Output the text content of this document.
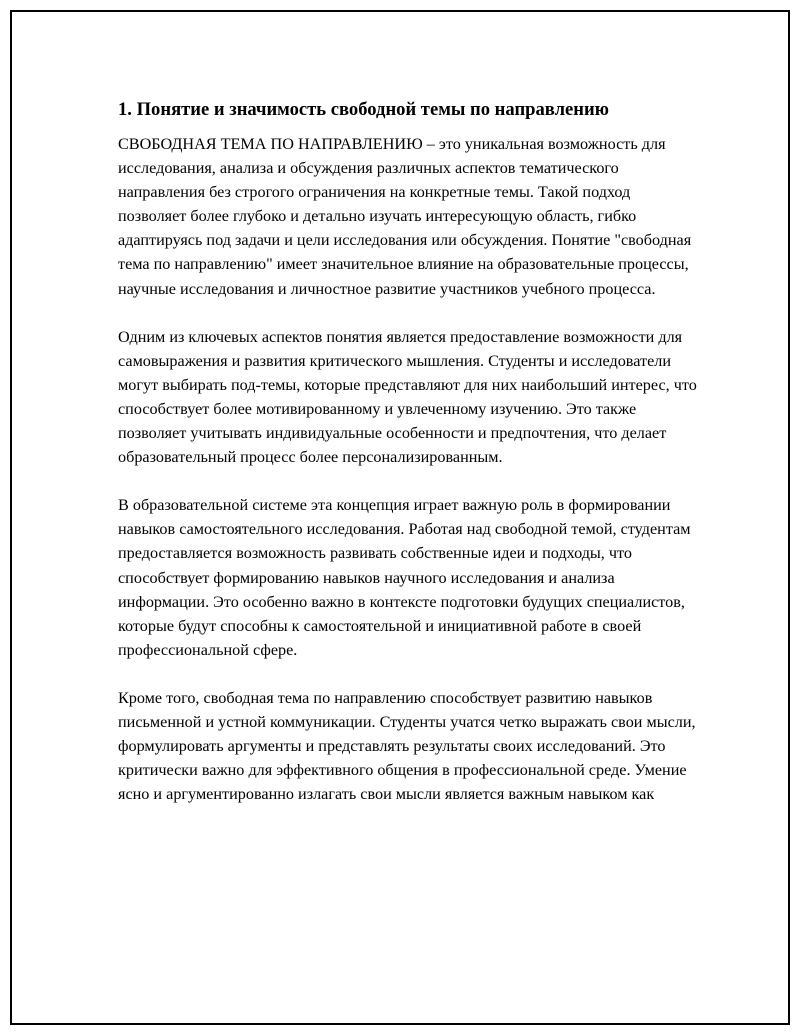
1. Понятие и значимость свободной темы по направлению

СВОБОДНАЯ ТЕМА ПО НАПРАВЛЕНИЮ – это уникальная возможность для исследования, анализа и обсуждения различных аспектов тематического направления без строгого ограничения на конкретные темы. Такой подход позволяет более глубоко и детально изучать интересующую область, гибко адаптируясь под задачи и цели исследования или обсуждения. Понятие "свободная тема по направлению" имеет значительное влияние на образовательные процессы, научные исследования и личностное развитие участников учебного процесса.

Одним из ключевых аспектов понятия является предоставление возможности для самовыражения и развития критического мышления. Студенты и исследователи могут выбирать под-темы, которые представляют для них наибольший интерес, что способствует более мотивированному и увлеченному изучению. Это также позволяет учитывать индивидуальные особенности и предпочтения, что делает образовательный процесс более персонализированным.

В образовательной системе эта концепция играет важную роль в формировании навыков самостоятельного исследования. Работая над свободной темой, студентам предоставляется возможность развивать собственные идеи и подходы, что способствует формированию навыков научного исследования и анализа информации. Это особенно важно в контексте подготовки будущих специалистов, которые будут способны к самостоятельной и инициативной работе в своей профессиональной сфере.

Кроме того, свободная тема по направлению способствует развитию навыков письменной и устной коммуникации. Студенты учатся четко выражать свои мысли, формулировать аргументы и представлять результаты своих исследований. Это критически важно для эффективного общения в профессиональной среде. Умение ясно и аргументированно излагать свои мысли является важным навыком как
